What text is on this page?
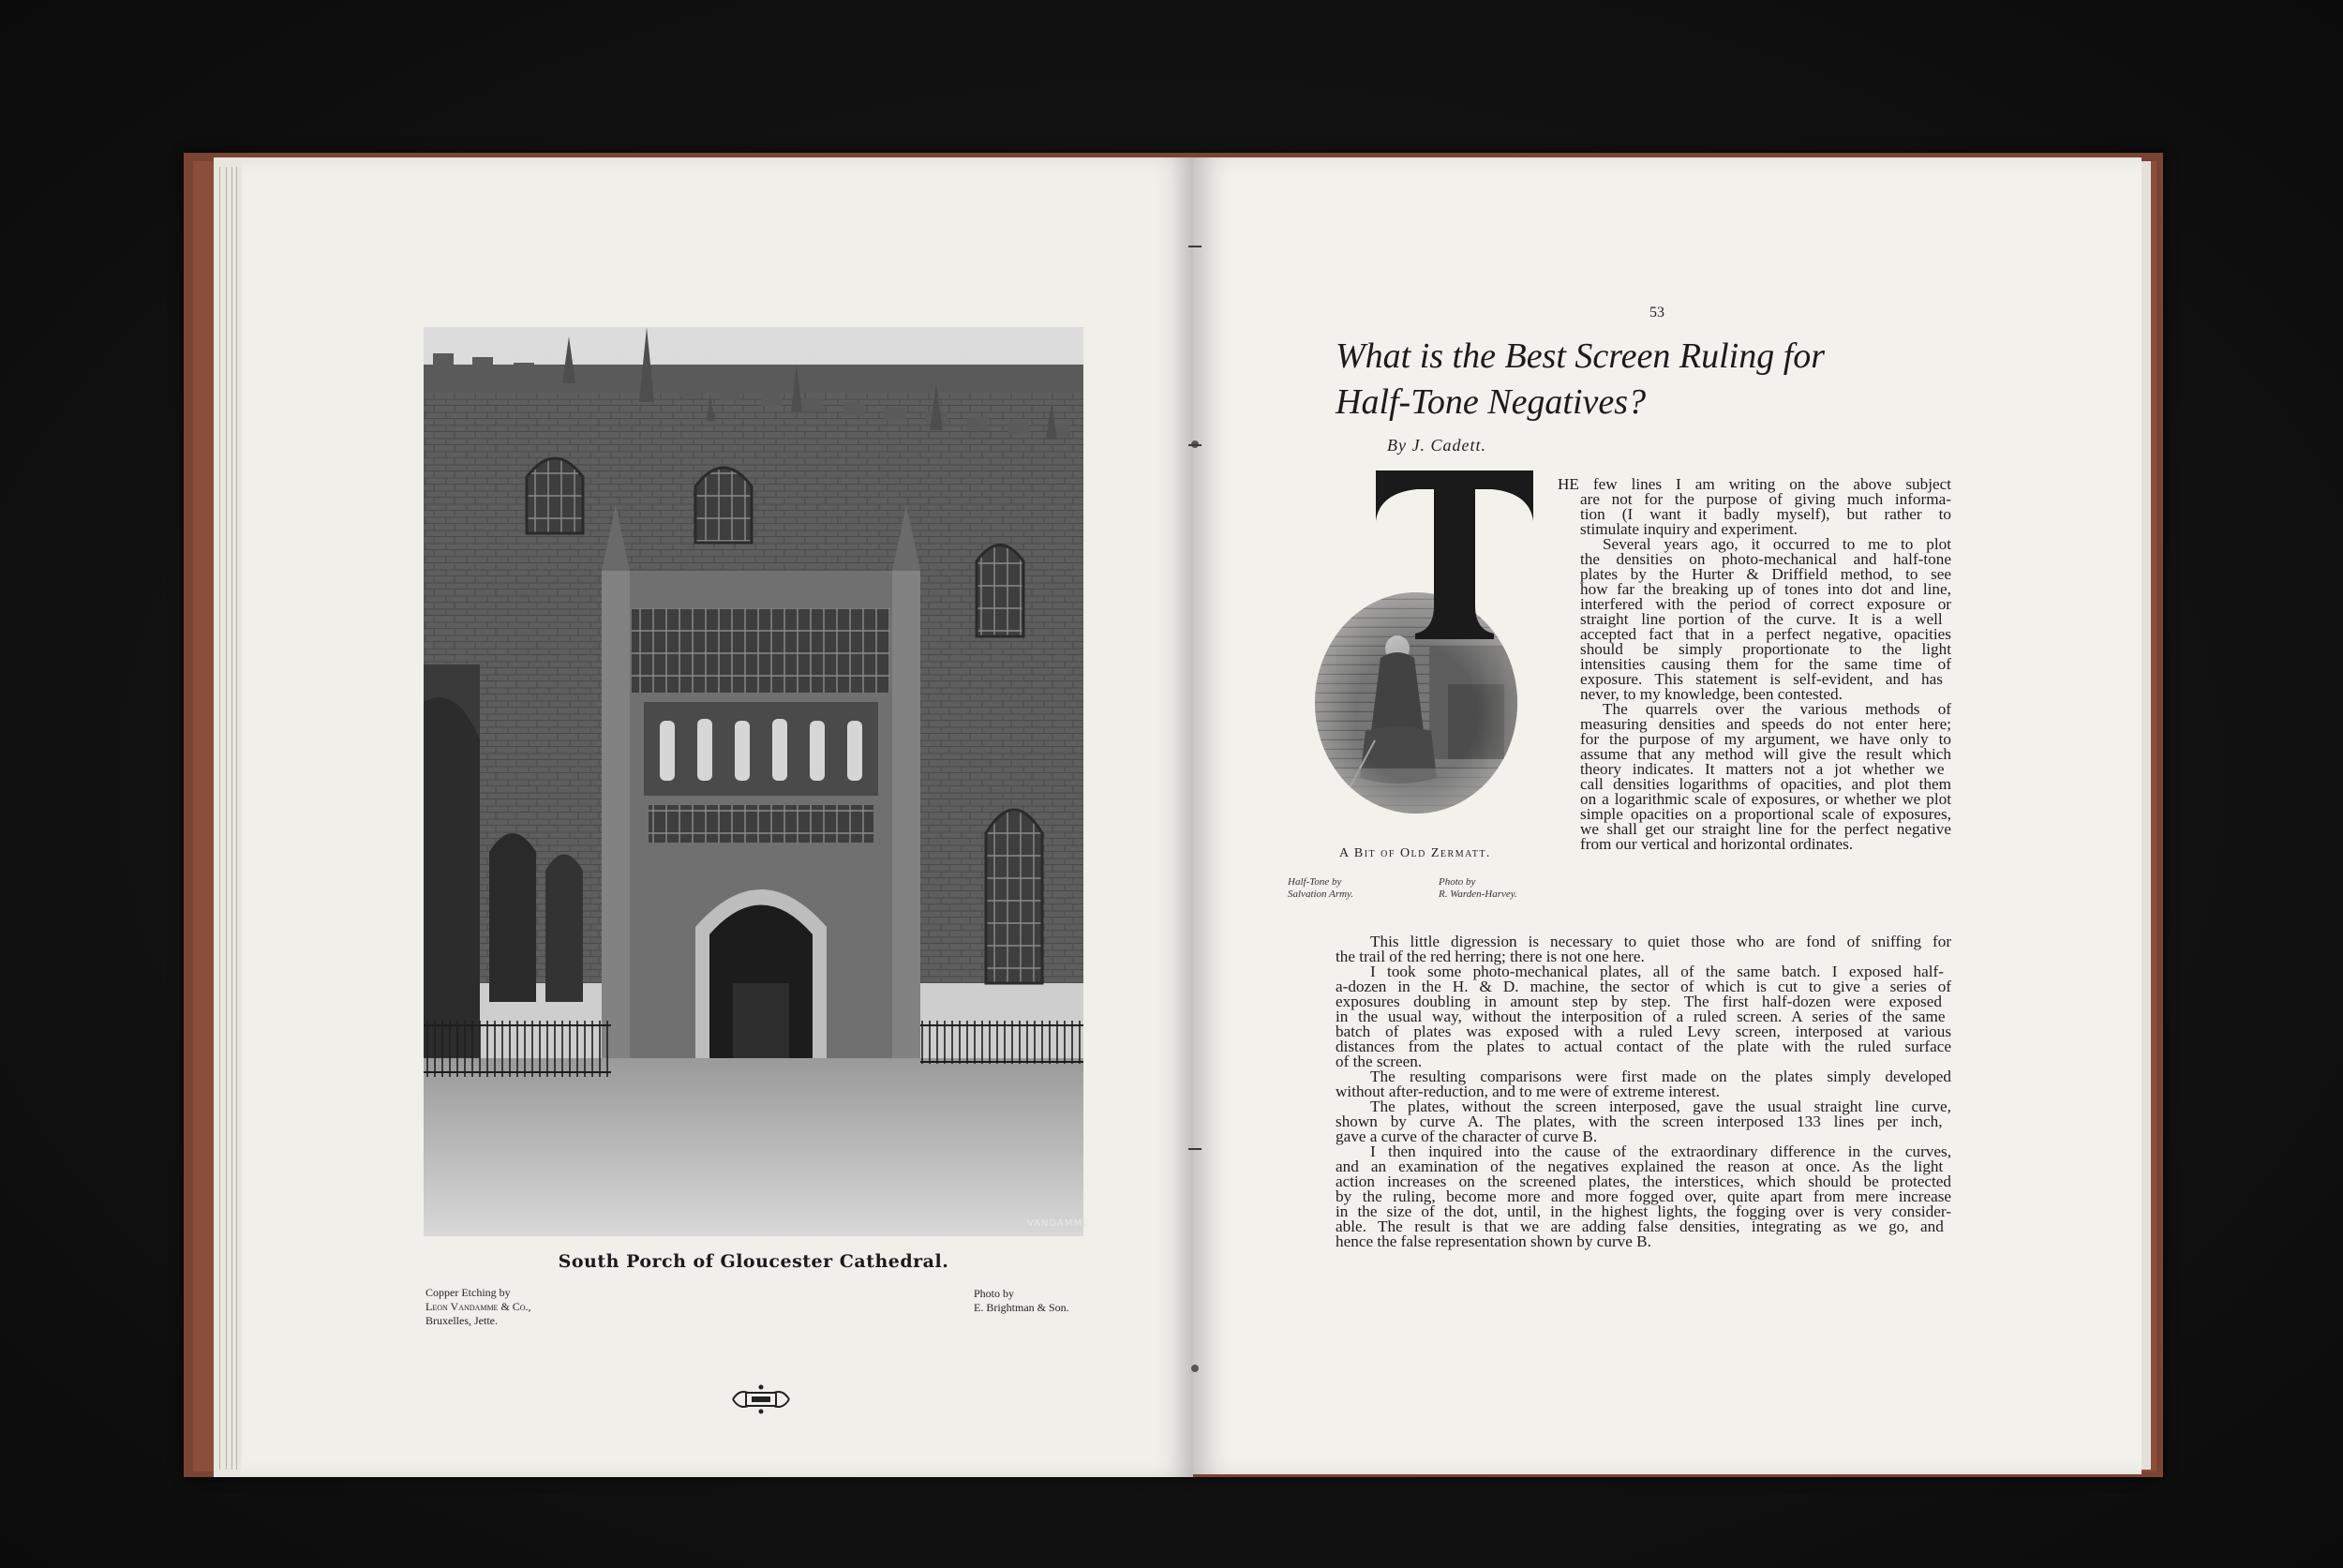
VANDAMME
South Porch of Gloucester Cathedral.
Copper Etching by
Leon Vandamme & Co.,
Bruxelles, Jette.
Photo by
E. Brightman & Son.
53
What is the Best Screen Ruling for
Half-Tone Negatives?
By J. Cadett.
A Bit of Old Zermatt.
Half-Tone by
Salvation Army.
Photo by
R. Warden-Harvey.
HE few lines I am writing on the above subject
are not for the purpose of giving much informa-
tion (I want it badly myself), but rather to
stimulate inquiry and experiment.
Several years ago, it occurred to me to plot
the densities on photo-mechanical and half-tone
plates by the Hurter & Driffield method, to see
how far the breaking up of tones into dot and line,
interfered with the period of correct exposure or
straight line portion of the curve. It is a well
accepted fact that in a perfect negative, opacities
should be simply proportionate to the light
intensities causing them for the same time of
exposure. This statement is self-evident, and has
never, to my knowledge, been contested.
The quarrels over the various methods of
measuring densities and speeds do not enter here;
for the purpose of my argument, we have only to
assume that any method will give the result which
theory indicates. It matters not a jot whether we
call densities logarithms of opacities, and plot them
on a logarithmic scale of exposures, or whether we plot
simple opacities on a proportional scale of exposures,
we shall get our straight line for the perfect negative
from our vertical and horizontal ordinates.
This little digression is necessary to quiet those who are fond of sniffing for
the trail of the red herring; there is not one here.
I took some photo-mechanical plates, all of the same batch. I exposed half-
a-dozen in the H. & D. machine, the sector of which is cut to give a series of
exposures doubling in amount step by step. The first half-dozen were exposed
in the usual way, without the interposition of a ruled screen. A series of the same
batch of plates was exposed with a ruled Levy screen, interposed at various
distances from the plates to actual contact of the plate with the ruled surface
of the screen.
The resulting comparisons were first made on the plates simply developed
without after-reduction, and to me were of extreme interest.
The plates, without the screen interposed, gave the usual straight line curve,
shown by curve A. The plates, with the screen interposed 133 lines per inch,
gave a curve of the character of curve B.
I then inquired into the cause of the extraordinary difference in the curves,
and an examination of the negatives explained the reason at once. As the light
action increases on the screened plates, the interstices, which should be protected
by the ruling, become more and more fogged over, quite apart from mere increase
in the size of the dot, until, in the highest lights, the fogging over is very consider-
able. The result is that we are adding false densities, integrating as we go, and
hence the false representation shown by curve B.
